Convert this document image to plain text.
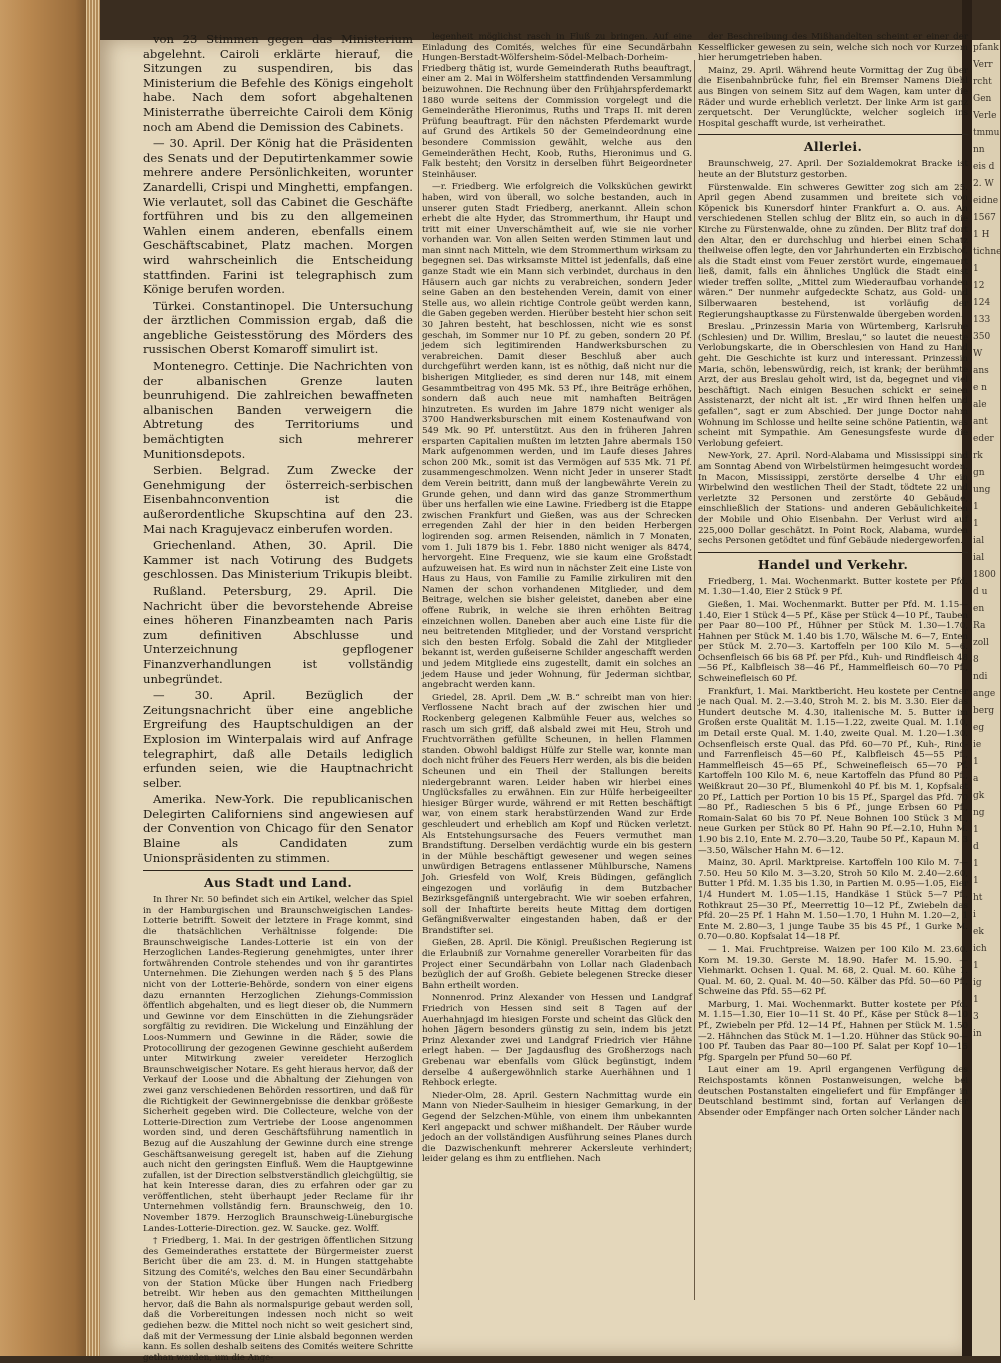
pfank
Verr
rcht
Gen
Verle
tmmu
nn
eis d
2. W
eidne
1567
1 H
tichne
1
12
124
133
350
W
ans
e n
ale
ant
eder
rk
gn
ung
1
1
ial
ial
1800
d u
en
Ra
zoll
8
ndi
ange
berg
eg
ie
1
a
gk
ng
1
d
1
1
ht
i
ek
ich
1
ig
1
3
in

von 23 Stimmen gegen das Ministerium abgelehnt. Cairoli erklärte hierauf, die Sitzungen zu suspendiren, bis das Ministerium die Befehle des Königs eingeholt habe. Nach dem sofort abgehaltenen Ministerrathe überreichte Cairoli dem König noch am Abend die Demission des Cabinets.

— 30. April. Der König hat die Präsidenten des Senats und der Deputirtenkammer sowie mehrere andere Persönlichkeiten, worunter Zanardelli, Crispi und Minghetti, empfangen. Wie verlautet, soll das Cabinet die Geschäfte fortführen und bis zu den allgemeinen Wahlen einem anderen, ebenfalls einem Geschäftscabinet, Platz machen. Morgen wird wahrscheinlich die Entscheidung stattfinden. Farini ist telegraphisch zum Könige berufen worden.

Türkei. Constantinopel. Die Untersuchung der ärztlichen Commission ergab, daß die angebliche Geistesstörung des Mörders des russischen Oberst Komaroff simulirt ist.

Montenegro. Cettinje. Die Nachrichten von der albanischen Grenze lauten beunruhigend. Die zahlreichen bewaffneten albanischen Banden verweigern die Abtretung des Territoriums und bemächtigten sich mehrerer Munitionsdepots.

Serbien. Belgrad. Zum Zwecke der Genehmigung der österreich-serbischen Eisenbahnconvention ist die außerordentliche Skupschtina auf den 23. Mai nach Kragujevacz einberufen worden.

Griechenland. Athen, 30. April. Die Kammer ist nach Votirung des Budgets geschlossen. Das Ministerium Trikupis bleibt.

Rußland. Petersburg, 29. April. Die Nachricht über die bevorstehende Abreise eines höheren Finanzbeamten nach Paris zum definitiven Abschlusse und Unterzeichnung gepflogener Finanzverhandlungen ist vollständig unbegründet.

— 30. April. Bezüglich der Zeitungsnachricht über eine angebliche Ergreifung des Hauptschuldigen an der Explosion im Winterpalais wird auf Anfrage telegraphirt, daß alle Details lediglich erfunden seien, wie die Hauptnachricht selber.

Amerika. New-York. Die republicanischen Delegirten Californiens sind angewiesen auf der Convention von Chicago für den Senator Blaine als Candidaten zum Unionspräsidenten zu stimmen.

Aus Stadt und Land.

In Ihrer Nr. 50 befindet sich ein Artikel, welcher das Spiel in der Hamburgischen und Braunschweigischen Landes-Lotterie betrifft. Soweit der letztere in Frage kommt, sind die thatsächlichen Verhältnisse folgende: Die Braunschweigische Landes-Lotterie ist ein von der Herzoglichen Landes-Regierung genehmigtes, unter ihrer fortwährenden Controle stehendes und von ihr garantirtes Unternehmen. Die Ziehungen werden nach § 5 des Plans nicht von der Lotterie-Behörde, sondern von einer eigens dazu ernannten Herzoglichen Ziehungs-Commission öffentlich abgehalten, und es liegt dieser ob, die Nummern und Gewinne vor dem Einschütten in die Ziehungsräder sorgfältig zu revidiren. Die Wickelung und Einzählung der Loos-Nummern und Gewinne in die Räder, sowie die Protocollirung der gezogenen Gewinne geschieht außerdem unter Mitwirkung zweier vereideter Herzoglich Braunschweigischer Notare. Es geht hieraus hervor, daß der Verkauf der Loose und die Abhaltung der Ziehungen von zwei ganz verschiedenen Behörden ressortiren, und daß für die Richtigkeit der Gewinnergebnisse die denkbar größeste Sicherheit gegeben wird. Die Collecteure, welche von der Lotterie-Direction zum Vertriebe der Loose angenommen worden sind, und deren Geschäftsführung namentlich in Bezug auf die Auszahlung der Gewinne durch eine strenge Geschäftsanweisung geregelt ist, haben auf die Ziehung auch nicht den geringsten Einfluß. Wem die Hauptgewinne zufallen, ist der Direction selbstverständlich gleichgültig, sie hat kein Interesse daran, dies zu erfahren oder gar zu veröffentlichen, steht überhaupt jeder Reclame für ihr Unternehmen vollständig fern. Braunschweig, den 10. November 1879. Herzoglich Braunschweig-Lüneburgische Landes-Lotterie-Direction. gez. W. Saucke. gez. Wolff.

† Friedberg, 1. Mai. In der gestrigen öffentlichen Sitzung des Gemeinderathes erstattete der Bürgermeister zuerst Bericht über die am 23. d. M. in Hungen stattgehabte Sitzung des Comité's, welches den Bau einer Secundärbahn von der Station Mücke über Hungen nach Friedberg betreibt. Wir heben aus den gemachten Mittheilungen hervor, daß die Bahn als normalspurige gebaut werden soll, daß die Vorbereitungen indessen noch nicht so weit gediehen bezw. die Mittel noch nicht so weit gesichert sind, daß mit der Vermessung der Linie alsbald begonnen werden kann. Es sollen deshalb seitens des Comités weitere Schritte gethan werden, um die Ange-

legenheit möglichst rasch in Fluß zu bringen. Auf eine Einladung des Comités, welches für eine Secundärbahn Hungen-Berstadt-Wölfersheim-Södel-Melbach-Dorheim-Friedberg thätig ist, wurde Gemeinderath Ruths beauftragt, einer am 2. Mai in Wölfersheim stattfindenden Versammlung beizuwohnen. Die Rechnung über den Frühjahrspferdemarkt 1880 wurde seitens der Commission vorgelegt und die Gemeinderäthe Hieronimus, Ruths und Traps II. mit deren Prüfung beauftragt. Für den nächsten Pferdemarkt wurde auf Grund des Artikels 50 der Gemeindeordnung eine besondere Commission gewählt, welche aus den Gemeinderäthen Hecht, Koob, Ruths, Hieronimus und G. Falk besteht; den Vorsitz in derselben führt Beigeordneter Steinhäuser.

—r. Friedberg. Wie erfolgreich die Volksküchen gewirkt haben, wird von überall, wo solche bestanden, auch in unserer guten Stadt Friedberg, anerkannt. Allein schon erhebt die alte Hyder, das Strommerthum, ihr Haupt und tritt mit einer Unverschämtheit auf, wie sie nie vorher vorhanden war. Von allen Seiten werden Stimmen laut und man sinnt nach Mitteln, wie dem Strommerthum wirksam zu begegnen sei. Das wirksamste Mittel ist jedenfalls, daß eine ganze Stadt wie ein Mann sich verbindet, durchaus in den Häusern auch gar nichts zu verabreichen, sondern Jeder seine Gaben an den bestehenden Verein, damit von einer Stelle aus, wo allein richtige Controle geübt werden kann, die Gaben gegeben werden. Hierüber besteht hier schon seit 30 Jahren besteht, hat beschlossen, nicht wie es sonst geschah, im Sommer nur 10 Pf. zu geben, sondern 20 Pf. jedem sich legitimirenden Handwerksburschen zu verabreichen. Damit dieser Beschluß aber auch durchgeführt werden kann, ist es nöthig, daß nicht nur die bisherigen Mitglieder, es sind deren nur 148, mit einem Gesammtbeitrag von 495 Mk. 53 Pf., ihre Beiträge erhöhen, sondern daß auch neue mit namhaften Beiträgen hinzutreten. Es wurden im Jahre 1879 nicht weniger als 3700 Handwerksburschen mit einem Kostenaufwand von 549 Mk. 90 Pf. unterstützt. Aus den in früheren Jahren ersparten Capitalien mußten im letzten Jahre abermals 150 Mark aufgenommen werden, und im Laufe dieses Jahres schon 200 Mk., somit ist das Vermögen auf 535 Mk. 71 Pf. zusammengeschmolzen. Wenn nicht Jeder in unserer Stadt dem Verein beitritt, dann muß der langbewährte Verein zu Grunde gehen, und dann wird das ganze Strommerthum über uns herfallen wie eine Lawine. Friedberg ist die Etappe zwischen Frankfurt und Gießen, was aus der Schrecken erregenden Zahl der hier in den beiden Herbergen logirenden sog. armen Reisenden, nämlich in 7 Monaten, vom 1. Juli 1879 bis 1. Febr. 1880 nicht weniger als 8474, hervorgeht. Eine Frequenz, wie sie kaum eine Großstadt aufzuweisen hat. Es wird nun in nächster Zeit eine Liste von Haus zu Haus, von Familie zu Familie zirkuliren mit den Namen der schon vorhandenen Mitglieder, und dem Beitrage, welchen sie bisher geleistet, daneben aber eine offene Rubrik, in welche sie ihren erhöhten Beitrag einzeichnen wollen. Daneben aber auch eine Liste für die neu beitretenden Mitglieder, und der Vorstand verspricht sich den besten Erfolg. Sobald die Zahl der Mitglieder bekannt ist, werden gußeiserne Schilder angeschafft werden und jedem Mitgliede eins zugestellt, damit ein solches an jedem Hause und jeder Wohnung, für Jederman sichtbar, angebracht werden kann.

Griedel, 28. April. Dem „W. B.“ schreibt man von hier: Verflossene Nacht brach auf der zwischen hier und Rockenberg gelegenen Kalbmühle Feuer aus, welches so rasch um sich griff, daß alsbald zwei mit Heu, Stroh und Fruchtvorräthen gefüllte Scheunen, in hellen Flammen standen. Obwohl baldigst Hülfe zur Stelle war, konnte man doch nicht früher des Feuers Herr werden, als bis die beiden Scheunen und ein Theil der Stallungen bereits niedergebrannt waren. Leider haben wir hierbei eines Unglücksfalles zu erwähnen. Ein zur Hülfe herbeigeeilter hiesiger Bürger wurde, während er mit Retten beschäftigt war, von einem stark herabstürzenden Wand zur Erde geschleudert und erheblich am Kopf und Rücken verletzt. Als Entstehungsursache des Feuers vermuthet man Brandstiftung. Derselben verdächtig wurde ein bis gestern in der Mühle beschäftigt gewesener und wegen seines unwürdigen Betragens entlassener Mühlbursche, Namens Joh. Griesfeld von Wolf, Kreis Büdingen, gefänglich eingezogen und vorläufig in dem Butzbacher Bezirksgefängniß untergebracht. Wie wir soeben erfahren, soll der Inhaftirte bereits heute Mittag dem dortigen Gefängnißverwalter eingestanden haben, daß er der Brandstifter sei.

Gießen, 28. April. Die Königl. Preußischen Regierung ist die Erlaubniß zur Vornahme genereller Vorarbeiten für das Project einer Secundärbahn von Lollar nach Gladenbach bezüglich der auf Großh. Gebiete belegenen Strecke dieser Bahn ertheilt worden.

Nonnenrod. Prinz Alexander von Hessen und Landgraf Friedrich von Hessen sind seit 8 Tagen auf der Auerhahnjagd im hiesigen Forste und scheint das Glück den hohen Jägern besonders günstig zu sein, indem bis jetzt Prinz Alexander zwei und Landgraf Friedrich vier Hähne erlegt haben. — Der Jagdausflug des Großherzogs nach Grebenau war ebenfalls vom Glück begünstigt, indem derselbe 4 außergewöhnlich starke Auerhähnen und 1 Rehbock erlegte.

Nieder-Olm, 28. April. Gestern Nachmittag wurde ein Mann von Nieder-Saulheim in hiesiger Gemarkung, in der Gegend der Selzchen-Mühle, von einem ihm unbekannten Kerl angepackt und schwer mißhandelt. Der Räuber wurde jedoch an der vollständigen Ausführung seines Planes durch die Dazwischenkunft mehrerer Ackersleute verhindert; leider gelang es ihm zu entfliehen. Nach

der Beschreibung des Mißhandelten scheint er einer der Kesselflicker gewesen zu sein, welche sich noch vor Kurzem hier herumgetrieben haben.

Mainz, 29. April. Während heute Vormittag der Zug über die Eisenbahnbrücke fuhr, fiel ein Bremser Namens Diehl aus Bingen von seinem Sitz auf dem Wagen, kam unter die Räder und wurde erheblich verletzt. Der linke Arm ist ganz zerquetscht. Der Verunglückte, welcher sogleich ins Hospital geschafft wurde, ist verheirathet.

Allerlei.

Braunschweig, 27. April. Der Sozialdemokrat Bracke ist heute an der Blutsturz gestorben.

Fürstenwalde. Ein schweres Gewitter zog sich am 25. April gegen Abend zusammen und breitete sich von Köpenick bis Kunersdorf hinter Frankfurt a. O. aus. An verschiedenen Stellen schlug der Blitz ein, so auch in die Kirche zu Fürstenwalde, ohne zu zünden. Der Blitz traf dort den Altar, den er durchschlug und hierbei einen Schatz theilweise offen legte, den vor Jahrhunderten ein Erzbischof, als die Stadt einst vom Feuer zerstört wurde, eingemauert ließ, damit, falls ein ähnliches Unglück die Stadt einst wieder treffen sollte, „Mittel zum Wiederaufbau vorhanden wären.“ Der nunmehr aufgedeckte Schatz, aus Gold- und Silberwaaren bestehend, ist vorläufig der Regierungshauptkasse zu Fürstenwalde übergeben worden.

Breslau. „Prinzessin Maria von Würtemberg, Karlsruhe (Schlesien) und Dr. Willim, Breslau,“ so lautet die neueste Verlobungskarte, die in Oberschlesien von Hand zu Hand geht. Die Geschichte ist kurz und interessant. Prinzessin Maria, schön, lebenswürdig, reich, ist krank; der berühmte Arzt, der aus Breslau geholt wird, ist da, begegnet und viel beschäftigt. Nach einigen Besuchen schickt er seinen Assistenarzt, der nicht alt ist. „Er wird Ihnen helfen und gefallen“, sagt er zum Abschied. Der junge Doctor nahm Wohnung im Schlosse und heilte seine schöne Patientin, was scheint mit Sympathie. Am Genesungsfeste wurde die Verlobung gefeiert.

New-York, 27. April. Nord-Alabama und Mississippi sind am Sonntag Abend von Wirbelstürmen heimgesucht worden. In Macon, Mississippi, zerstörte derselbe 4 Uhr ein Wirbelwind den westlichen Theil der Stadt, tödtete 22 und verletzte 32 Personen und zerstörte 40 Gebäude, einschließlich der Stations- und anderen Gebäulichkeiten der Mobile und Ohio Eisenbahn. Der Verlust wird auf 225,000 Dollar geschätzt. In Point Rock, Alabama, wurden sechs Personen getödtet und fünf Gebäude niedergeworfen.

Handel und Verkehr.

Friedberg, 1. Mai. Wochenmarkt. Butter kostete per Pfd. M. 1.30—1.40, Eier 2 Stück 9 Pf.

Gießen, 1. Mai. Wochenmarkt. Butter per Pfd. M. 1.15—1.40, Eier 1 Stück 4—5 Pf., Käse per Stück 4—10 Pf., Tauben per Paar 80—100 Pf., Hühner per Stück M. 1.30—1.70, Hahnen per Stück M. 1.40 bis 1.70, Wälsche M. 6—7, Enten per Stück M. 2.70—3. Kartoffeln per 100 Kilo M. 5—6. Ochsenfleisch 66 bis 68 Pf. per Pfd., Kuh- und Rindfleisch 48—56 Pf., Kalbfleisch 38—46 Pf., Hammelfleisch 60—70 Pf., Schweinefleisch 60 Pf.

Frankfurt, 1. Mai. Marktbericht. Heu kostete per Centner je nach Qual. M. 2.—3.40, Stroh M. 2. bis M. 3.30. Eier das Hundert deutsche M. 4.30, italienische M. 5. Butter im Großen erste Qualität M. 1.15—1.22, zweite Qual. M. 1.10, im Detail erste Qual. M. 1.40, zweite Qual. M. 1.20—1.30. Ochsenfleisch erste Qual. das Pfd. 60—70 Pf., Kuh-, Rind- und Farrenfleisch 45—60 Pf., Kalbfleisch 45—55 Pf., Hammelfleisch 45—65 Pf., Schweinefleisch 65—70 Pf. Kartoffeln 100 Kilo M. 6, neue Kartoffeln das Pfund 80 Pf., Weißkraut 20—30 Pf., Blumenkohl 40 Pf. bis M. 1, Kopfsalat 20 Pf., Lattich per Portion 10 bis 15 Pf., Spargel das Pfd. 70—80 Pf., Radieschen 5 bis 6 Pf., junge Erbsen 60 Pf., Romain-Salat 60 bis 70 Pf. Neue Bohnen 100 Stück 3 M., neue Gurken per Stück 80 Pf. Hahn 90 Pf.—2.10, Huhn M. 1.90 bis 2.10, Ente M. 2.70—3.20, Taube 50 Pf., Kapaun M. 3—3.50, Wälscher Hahn M. 6—12.

Mainz, 30. April. Marktpreise. Kartoffeln 100 Kilo M. 7—7.50. Heu 50 Kilo M. 3—3.20, Stroh 50 Kilo M. 2.40—2.60, Butter 1 Pfd. M. 1.35 bis 1.30, in Partien M. 0.95—1.05, Eier 1/4 Hundert M. 1.05—1.15, Handkäse 1 Stück 5—7 Pf., Rothkraut 25—30 Pf., Meerrettig 10—12 Pf., Zwiebeln das Pfd. 20—25 Pf. 1 Hahn M. 1.50—1.70, 1 Huhn M. 1.20—2, 1 Ente M. 2.80—3, 1 junge Taube 35 bis 45 Pf., 1 Gurke M. 0.70—0.80. Kopfsalat 14—18 Pf.

— 1. Mai. Fruchtpreise. Waizen per 100 Kilo M. 23.60. Korn M. 19.30. Gerste M. 18.90. Hafer M. 15.90. — Viehmarkt. Ochsen 1. Qual. M. 68, 2. Qual. M. 60. Kühe 1. Qual. M. 60, 2. Qual. M. 40—50. Kälber das Pfd. 50—60 Pf., Schweine das Pfd. 55—62 Pf.

Marburg, 1. Mai. Wochenmarkt. Butter kostete per Pfd. M. 1.15—1.30, Eier 10—11 St. 40 Pf., Käse per Stück 8—10 Pf., Zwiebeln per Pfd. 12—14 Pf., Hahnen per Stück M. 1.50—2. Hähnchen das Stück M. 1—1.20. Hühner das Stück 90—100 Pf. Tauben das Paar 80—100 Pf. Salat per Kopf 10—15 Pfg. Spargeln per Pfund 50—60 Pf.

Laut einer am 19. April ergangenen Verfügung des Reichspostamts können Postanweisungen, welche bei deutschen Postanstalten eingeliefert und für Empfänger in Deutschland bestimmt sind, fortan auf Verlangen der Absender oder Empfänger nach Orten solcher Länder nach
